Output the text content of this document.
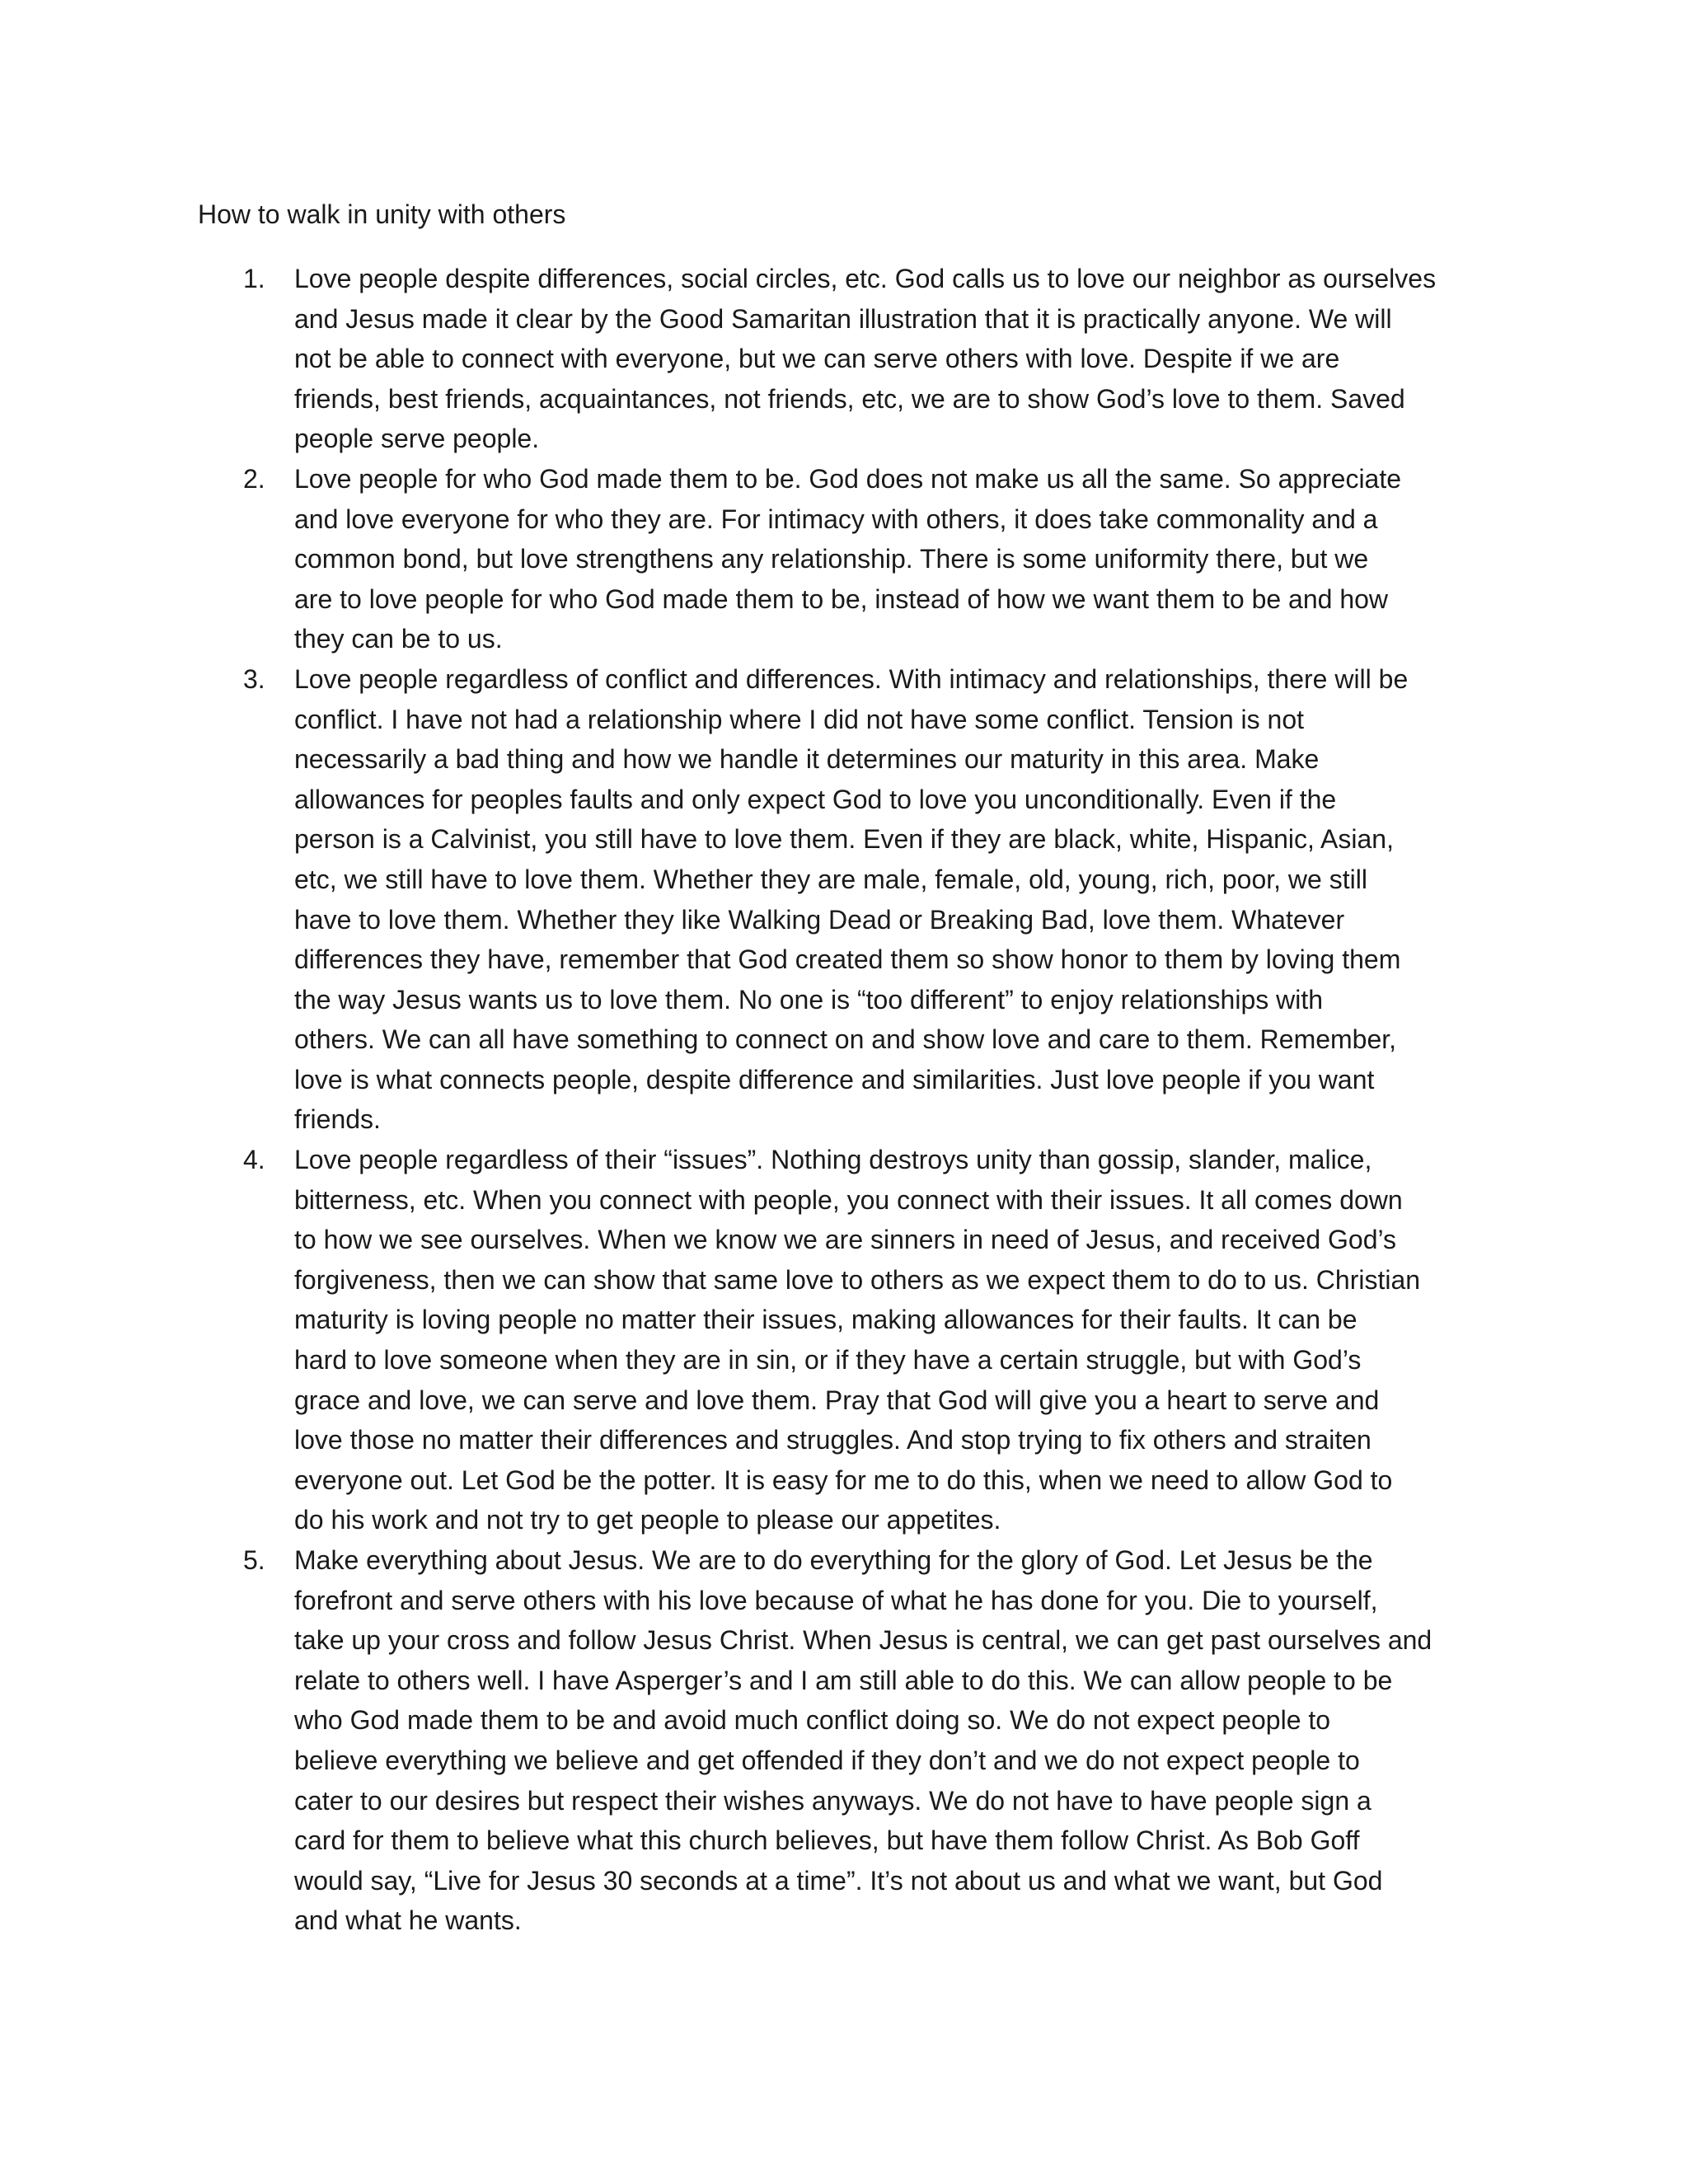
How to walk in unity with others
1. Love people despite differences, social circles, etc. God calls us to love our neighbor as ourselves
and Jesus made it clear by the Good Samaritan illustration that it is practically anyone. We will
not be able to connect with everyone, but we can serve others with love. Despite if we are
friends, best friends, acquaintances, not friends, etc, we are to show God’s love to them. Saved
people serve people.
2. Love people for who God made them to be. God does not make us all the same. So appreciate
and love everyone for who they are. For intimacy with others, it does take commonality and a
common bond, but love strengthens any relationship. There is some uniformity there, but we
are to love people for who God made them to be, instead of how we want them to be and how
they can be to us.
3. Love people regardless of conflict and differences. With intimacy and relationships, there will be
conflict. I have not had a relationship where I did not have some conflict. Tension is not
necessarily a bad thing and how we handle it determines our maturity in this area. Make
allowances for peoples faults and only expect God to love you unconditionally. Even if the
person is a Calvinist, you still have to love them. Even if they are black, white, Hispanic, Asian,
etc, we still have to love them. Whether they are male, female, old, young, rich, poor, we still
have to love them. Whether they like Walking Dead or Breaking Bad, love them. Whatever
differences they have, remember that God created them so show honor to them by loving them
the way Jesus wants us to love them. No one is “too different” to enjoy relationships with
others. We can all have something to connect on and show love and care to them. Remember,
love is what connects people, despite difference and similarities. Just love people if you want
friends.
4. Love people regardless of their “issues”. Nothing destroys unity than gossip, slander, malice,
bitterness, etc. When you connect with people, you connect with their issues. It all comes down
to how we see ourselves. When we know we are sinners in need of Jesus, and received God’s
forgiveness, then we can show that same love to others as we expect them to do to us. Christian
maturity is loving people no matter their issues, making allowances for their faults. It can be
hard to love someone when they are in sin, or if they have a certain struggle, but with God’s
grace and love, we can serve and love them. Pray that God will give you a heart to serve and
love those no matter their differences and struggles. And stop trying to fix others and straiten
everyone out. Let God be the potter. It is easy for me to do this, when we need to allow God to
do his work and not try to get people to please our appetites.
5. Make everything about Jesus. We are to do everything for the glory of God. Let Jesus be the
forefront and serve others with his love because of what he has done for you. Die to yourself,
take up your cross and follow Jesus Christ. When Jesus is central, we can get past ourselves and
relate to others well. I have Asperger’s and I am still able to do this. We can allow people to be
who God made them to be and avoid much conflict doing so. We do not expect people to
believe everything we believe and get offended if they don’t and we do not expect people to
cater to our desires but respect their wishes anyways. We do not have to have people sign a
card for them to believe what this church believes, but have them follow Christ. As Bob Goff
would say, “Live for Jesus 30 seconds at a time”. It’s not about us and what we want, but God
and what he wants.
